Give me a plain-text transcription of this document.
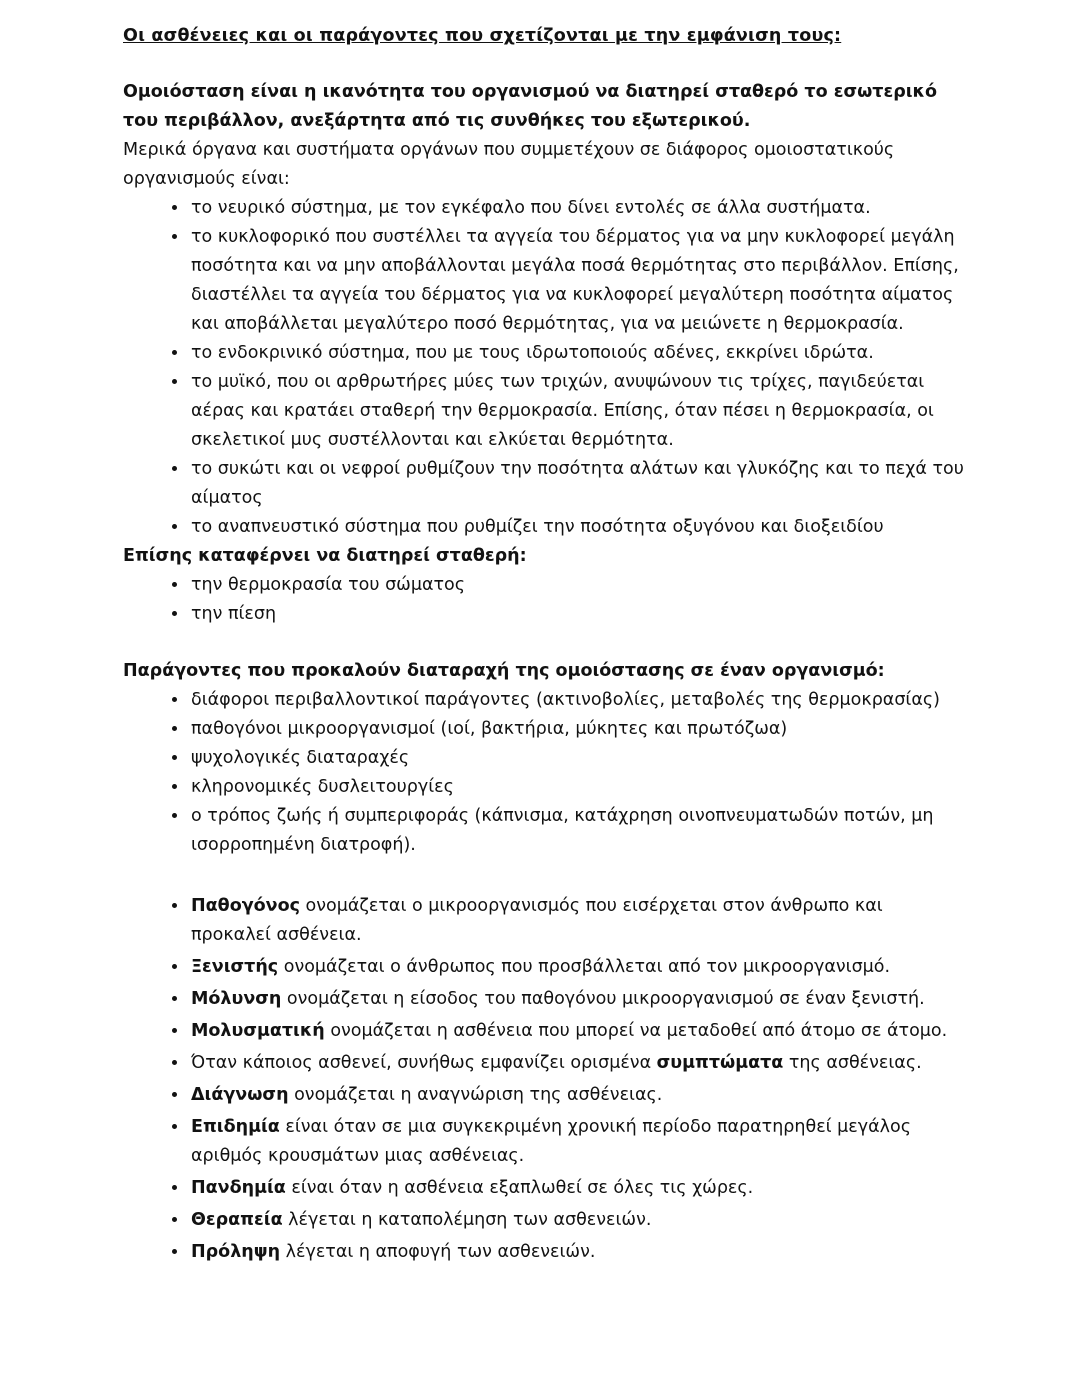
Οι ασθένειες και οι παράγοντες που σχετίζονται με την εμφάνιση τους:

Ομοιόσταση είναι η ικανότητα του οργανισμού να διατηρεί σταθερό το εσωτερικό του περιβάλλον, ανεξάρτητα από τις συνθήκες του εξωτερικού.

Μερικά όργανα και συστήματα οργάνων που συμμετέχουν σε διάφορος ομοιοστατικούς οργανισμούς είναι:

• το νευρικό σύστημα, με τον εγκέφαλο που δίνει εντολές σε άλλα συστήματα.
• το κυκλοφορικό που συστέλλει τα αγγεία του δέρματος για να μην κυκλοφορεί μεγάλη ποσότητα και να μην αποβάλλονται μεγάλα ποσά θερμότητας στο περιβάλλον. Επίσης, διαστέλλει τα αγγεία του δέρματος για να κυκλοφορεί μεγαλύτερη ποσότητα αίματος και αποβάλλεται μεγαλύτερο ποσό θερμότητας, για να μειώνετε η θερμοκρασία.
• το ενδοκρινικό σύστημα, που με τους ιδρωτοποιούς αδένες, εκκρίνει ιδρώτα.
• το μυϊκό, που οι αρθρωτήρες μύες των τριχών, ανυψώνουν τις τρίχες, παγιδεύεται αέρας και κρατάει σταθερή την θερμοκρασία. Επίσης, όταν πέσει η θερμοκρασία, οι σκελετικοί μυς συστέλλονται και ελκύεται θερμότητα.
• το συκώτι και οι νεφροί ρυθμίζουν την ποσότητα αλάτων και γλυκόζης και το πεχά του αίματος
• το αναπνευστικό σύστημα που ρυθμίζει την ποσότητα οξυγόνου και διοξειδίου

Επίσης καταφέρνει να διατηρεί σταθερή:

• την θερμοκρασία του σώματος
• την πίεση

Παράγοντες που προκαλούν διαταραχή της ομοιόστασης σε έναν οργανισμό:

• διάφοροι περιβαλλοντικοί παράγοντες (ακτινοβολίες, μεταβολές της θερμοκρασίας)
• παθογόνοι μικροοργανισμοί (ιοί, βακτήρια, μύκητες και πρωτόζωα)
• ψυχολογικές διαταραχές
• κληρονομικές δυσλειτουργίες
• ο τρόπος ζωής ή συμπεριφοράς (κάπνισμα, κατάχρηση οινοπνευματωδών ποτών, μη ισορροπημένη διατροφή).
• Παθογόνος ονομάζεται ο μικροοργανισμός που εισέρχεται στον άνθρωπο και προκαλεί ασθένεια.
• Ξενιστής ονομάζεται ο άνθρωπος που προσβάλλεται από τον μικροοργανισμό.
• Μόλυνση ονομάζεται η είσοδος του παθογόνου μικροοργανισμού σε έναν ξενιστή.
• Μολυσματική ονομάζεται η ασθένεια που μπορεί να μεταδοθεί από άτομο σε άτομο.
• Όταν κάποιος ασθενεί, συνήθως εμφανίζει ορισμένα συμπτώματα της ασθένειας.
• Διάγνωση ονομάζεται η αναγνώριση της ασθένειας.
• Επιδημία είναι όταν σε μια συγκεκριμένη χρονική περίοδο παρατηρηθεί μεγάλος αριθμός κρουσμάτων μιας ασθένειας.
• Πανδημία είναι όταν η ασθένεια εξαπλωθεί σε όλες τις χώρες.
• Θεραπεία λέγεται η καταπολέμηση των ασθενειών.
• Πρόληψη λέγεται η αποφυγή των ασθενειών.
